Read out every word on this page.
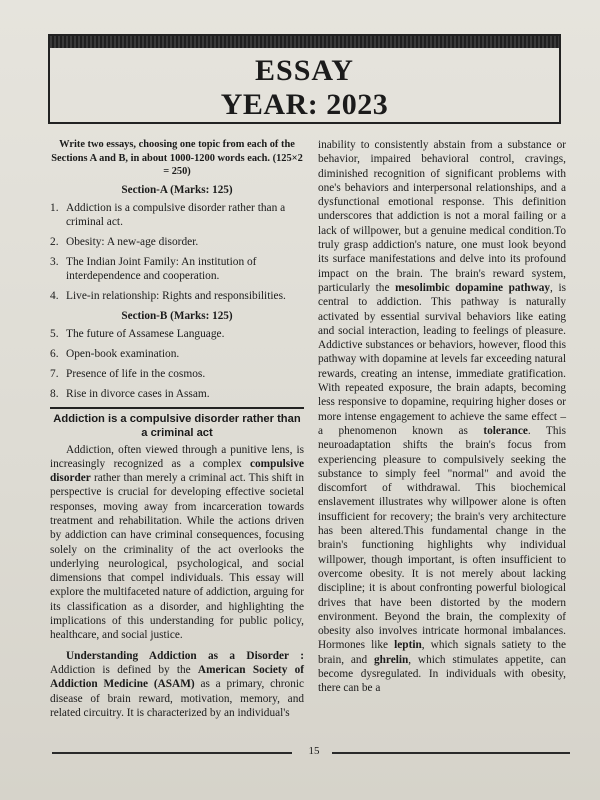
ESSAY
YEAR: 2023

Write two essays, choosing one topic from each of the Sections A and B, in about 1000-1200 words each. (125×2 = 250)

Section-A (Marks: 125)
1. Addiction is a compulsive disorder rather than a criminal act.
2. Obesity: A new-age disorder.
3. The Indian Joint Family: An institution of interdependence and cooperation.
4. Live-in relationship: Rights and responsibilities.
Section-B (Marks: 125)
5. The future of Assamese Language.
6. Open-book examination.
7. Presence of life in the cosmos.
8. Rise in divorce cases in Assam.
Addiction is a compulsive disorder rather than a criminal act

Addiction, often viewed through a punitive lens, is increasingly recognized as a complex compulsive disorder rather than merely a criminal act. This shift in perspective is crucial for developing effective societal responses, moving away from incarceration towards treatment and rehabilitation. While the actions driven by addiction can have criminal consequences, focusing solely on the criminality of the act overlooks the underlying neurological, psychological, and social dimensions that compel individuals. This essay will explore the multifaceted nature of addiction, arguing for its classification as a disorder, and highlighting the implications of this understanding for public policy, healthcare, and social justice.

Understanding Addiction as a Disorder : Addiction is defined by the American Society of Addiction Medicine (ASAM) as a primary, chronic disease of brain reward, motivation, memory, and related circuitry. It is characterized by an individual's

inability to consistently abstain from a substance or behavior, impaired behavioral control, cravings, diminished recognition of significant problems with one's behaviors and interpersonal relationships, and a dysfunctional emotional response. This definition underscores that addiction is not a moral failing or a lack of willpower, but a genuine medical condition.To truly grasp addiction's nature, one must look beyond its surface manifestations and delve into its profound impact on the brain. The brain's reward system, particularly the mesolimbic dopamine pathway, is central to addiction. This pathway is naturally activated by essential survival behaviors like eating and social interaction, leading to feelings of pleasure. Addictive substances or behaviors, however, flood this pathway with dopamine at levels far exceeding natural rewards, creating an intense, immediate gratification. With repeated exposure, the brain adapts, becoming less responsive to dopamine, requiring higher doses or more intense engagement to achieve the same effect – a phenomenon known as tolerance. This neuroadaptation shifts the brain's focus from experiencing pleasure to compulsively seeking the substance to simply feel "normal" and avoid the discomfort of withdrawal. This biochemical enslavement illustrates why willpower alone is often insufficient for recovery; the brain's very architecture has been altered.This fundamental change in the brain's functioning highlights why individual willpower, though important, is often insufficient to overcome obesity. It is not merely about lacking discipline; it is about confronting powerful biological drives that have been distorted by the modern environment. Beyond the brain, the complexity of obesity also involves intricate hormonal imbalances. Hormones like leptin, which signals satiety to the brain, and ghrelin, which stimulates appetite, can become dysregulated. In individuals with obesity, there can be a

15
